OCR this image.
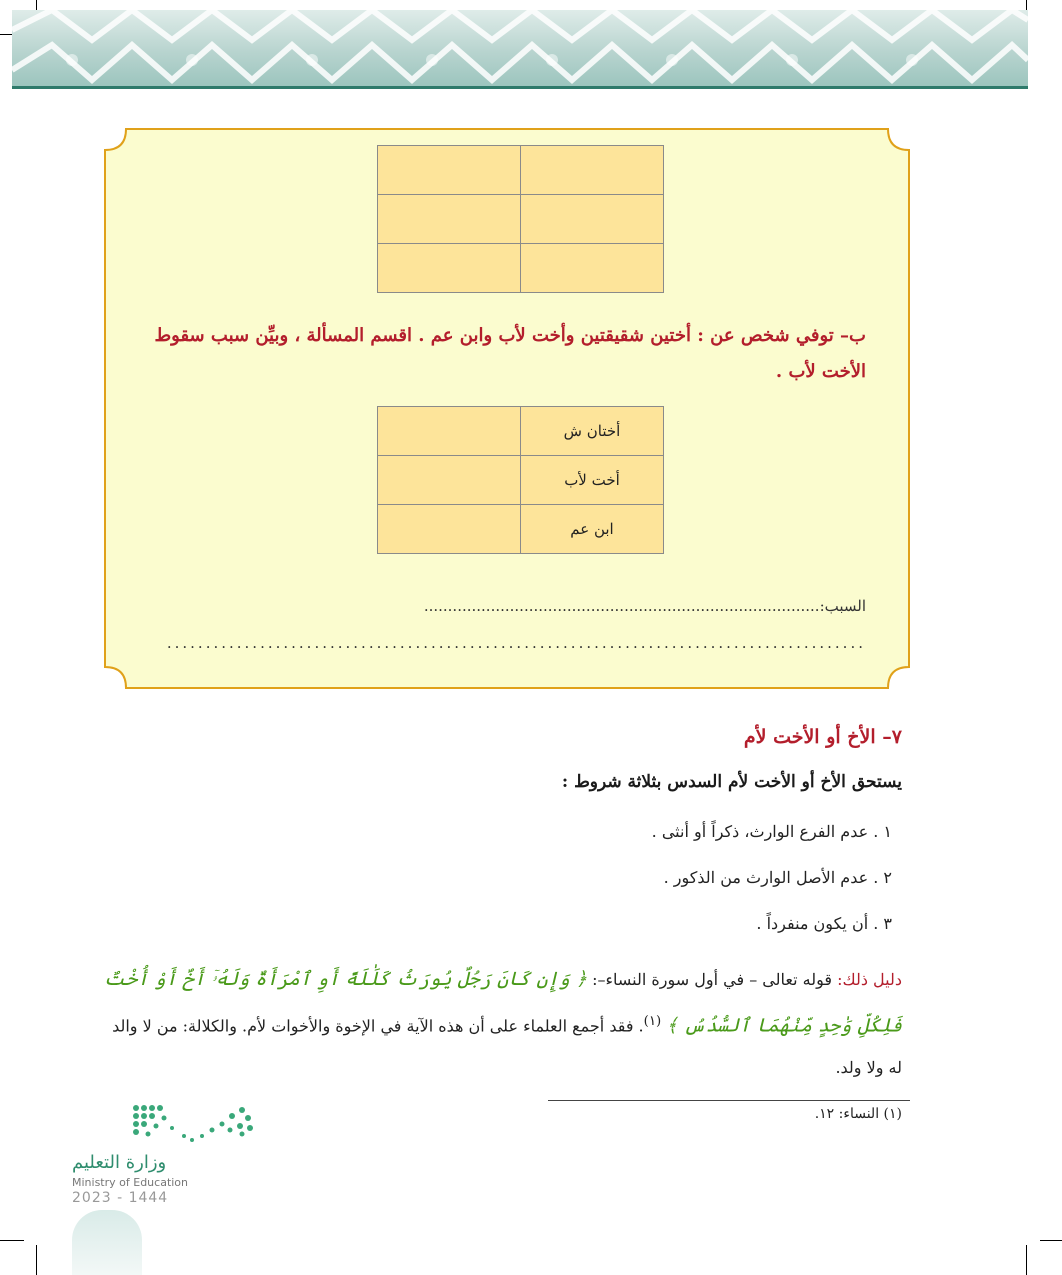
ب– توفي شخص عن : أختين شقيقتين وأخت لأب وابن عم . اقسم المسألة ، وبيِّن سبب سقوط الأخت لأب .
	أختان ش
	أخت لأب
	ابن عم
السبب:...................................................................................
..........................................................................................
٧– الأخ أو الأخت لأم
يستحق الأخ أو الأخت لأم السدس بثلاثة شروط :
١ . عدم الفرع الوارث، ذكراً أو أنثى .
٢ . عدم الأصل الوارث من الذكور .
٣ . أن يكون منفرداً .
دليل ذلك: قوله تعالى – في أول سورة النساء–: ﴿ وَإِن كَانَ رَجُلٌ يُورَثُ كَلَٰلَةً أَوِ ٱمْرَأَةٌ وَلَهُۥٓ أَخٌ أَوْ أُخْتٌ فَلِكُلِّ وَٰحِدٍ مِّنْهُمَا ٱلسُّدُسُ ﴾ $^{(١)}$. فقد أجمع العلماء على أن هذه الآية في الإخوة والأخوات لأم. والكلالة: من لا والد له ولا ولد.
(١) النساء: ١٢.
وزارة التعليم
Ministry of Education
2023 - 1444
